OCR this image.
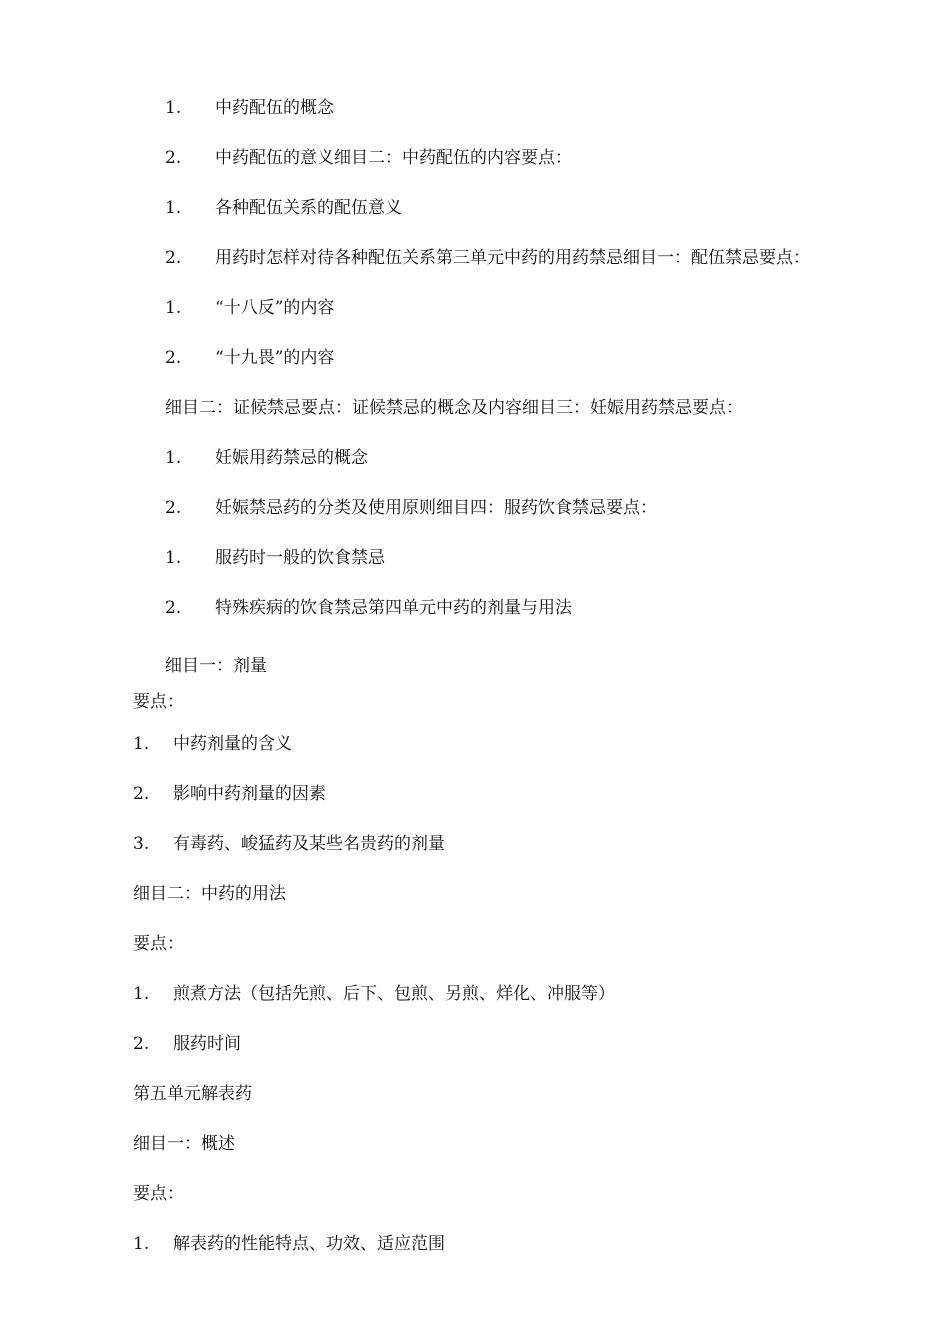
1. 中药配伍的概念
2. 中药配伍的意义细目二：中药配伍的内容要点：
1. 各种配伍关系的配伍意义
2. 用药时怎样对待各种配伍关系第三单元中药的用药禁忌细目一：配伍禁忌要点：
1. “十八反”的内容
2. “十九畏”的内容
细目二：证候禁忌要点：证候禁忌的概念及内容细目三：妊娠用药禁忌要点：
1. 妊娠用药禁忌的概念
2. 妊娠禁忌药的分类及使用原则细目四：服药饮食禁忌要点：
1. 服药时一般的饮食禁忌
2. 特殊疾病的饮食禁忌第四单元中药的剂量与用法
细目一：剂量
要点：
1. 中药剂量的含义
2. 影响中药剂量的因素
3. 有毒药、峻猛药及某些名贵药的剂量
细目二：中药的用法
要点：
1. 煎煮方法（包括先煎、后下、包煎、另煎、烊化、冲服等）
2. 服药时间
第五单元解表药
细目一：概述
要点：
1. 解表药的性能特点、功效、适应范围
